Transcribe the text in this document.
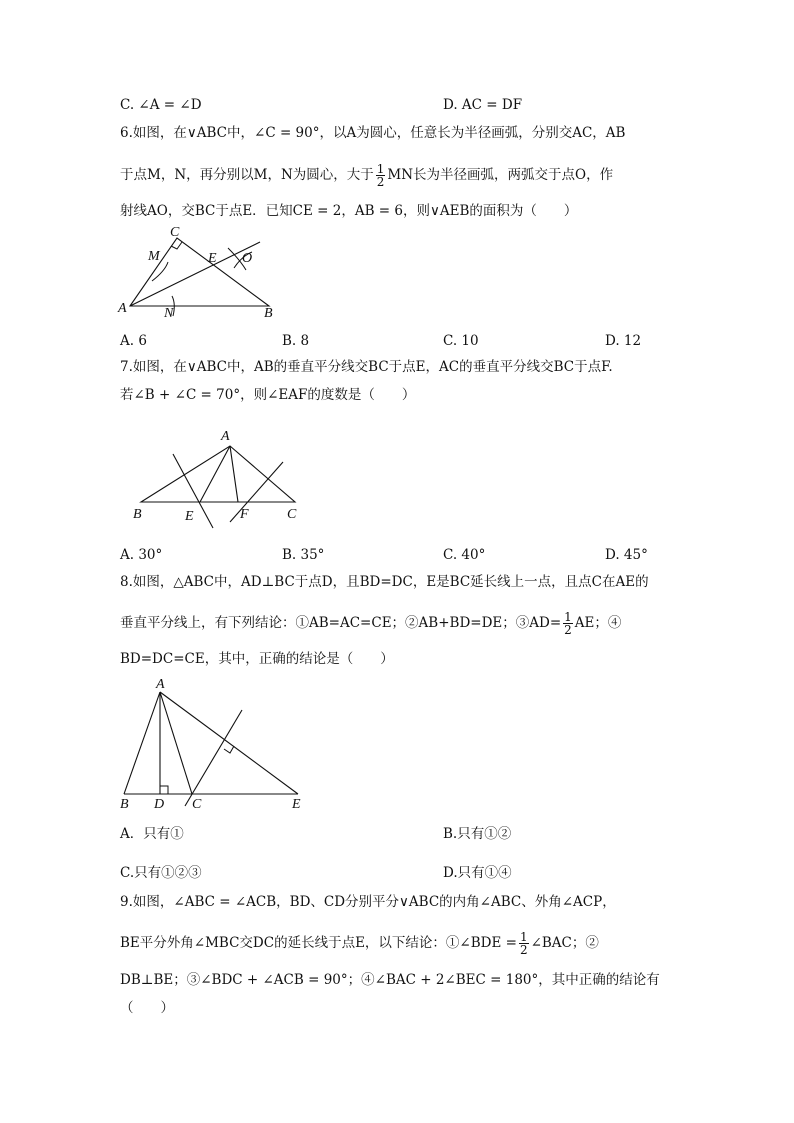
C. ∠A = ∠D	D. AC = DF
6.如图，在∨ABC中，∠C = 90°，以A为圆心，任意长为半径画弧，分别交AC，AB
于点M，N，再分别以M，N为圆心，大于 $\frac{1}{2}$ MN长为半径画弧，两弧交于点O，作
射线AO，交BC于点E．已知CE = 2，AB = 6，则∨AEB的面积为（　　）
C
M	E O
A	N	B
A. 6	B. 8	C. 10	D. 12
7.如图，在∨ABC中，AB的垂直平分线交BC于点E，AC的垂直平分线交BC于点F.
若∠B + ∠C = 70°，则∠EAF的度数是（　　）
A
B	E	F	C
A. 30°	B. 35°	C. 40°	D. 45°
8.如图，△ABC中，AD⊥BC于点D，且BD=DC，E是BC延长线上一点，且点C在AE的
垂直平分线上，有下列结论：①AB=AC=CE；②AB+BD=DE；③AD= $\frac{1}{2}$ AE；④
BD=DC=CE，其中，正确的结论是（　　）
A
B D C	E
A．只有①	B.只有①②
C.只有①②③	D.只有①④
9.如图，∠ABC = ∠ACB，BD、CD分别平分∨ABC的内角∠ABC、外角∠ACP，
BE平分外角∠MBC交DC的延长线于点E，以下结论：①∠BDE = $\frac{1}{2}$ ∠BAC；②
DB⊥BE；③∠BDC + ∠ACB = 90°；④∠BAC + 2∠BEC = 180°，其中正确的结论有
（　　）
